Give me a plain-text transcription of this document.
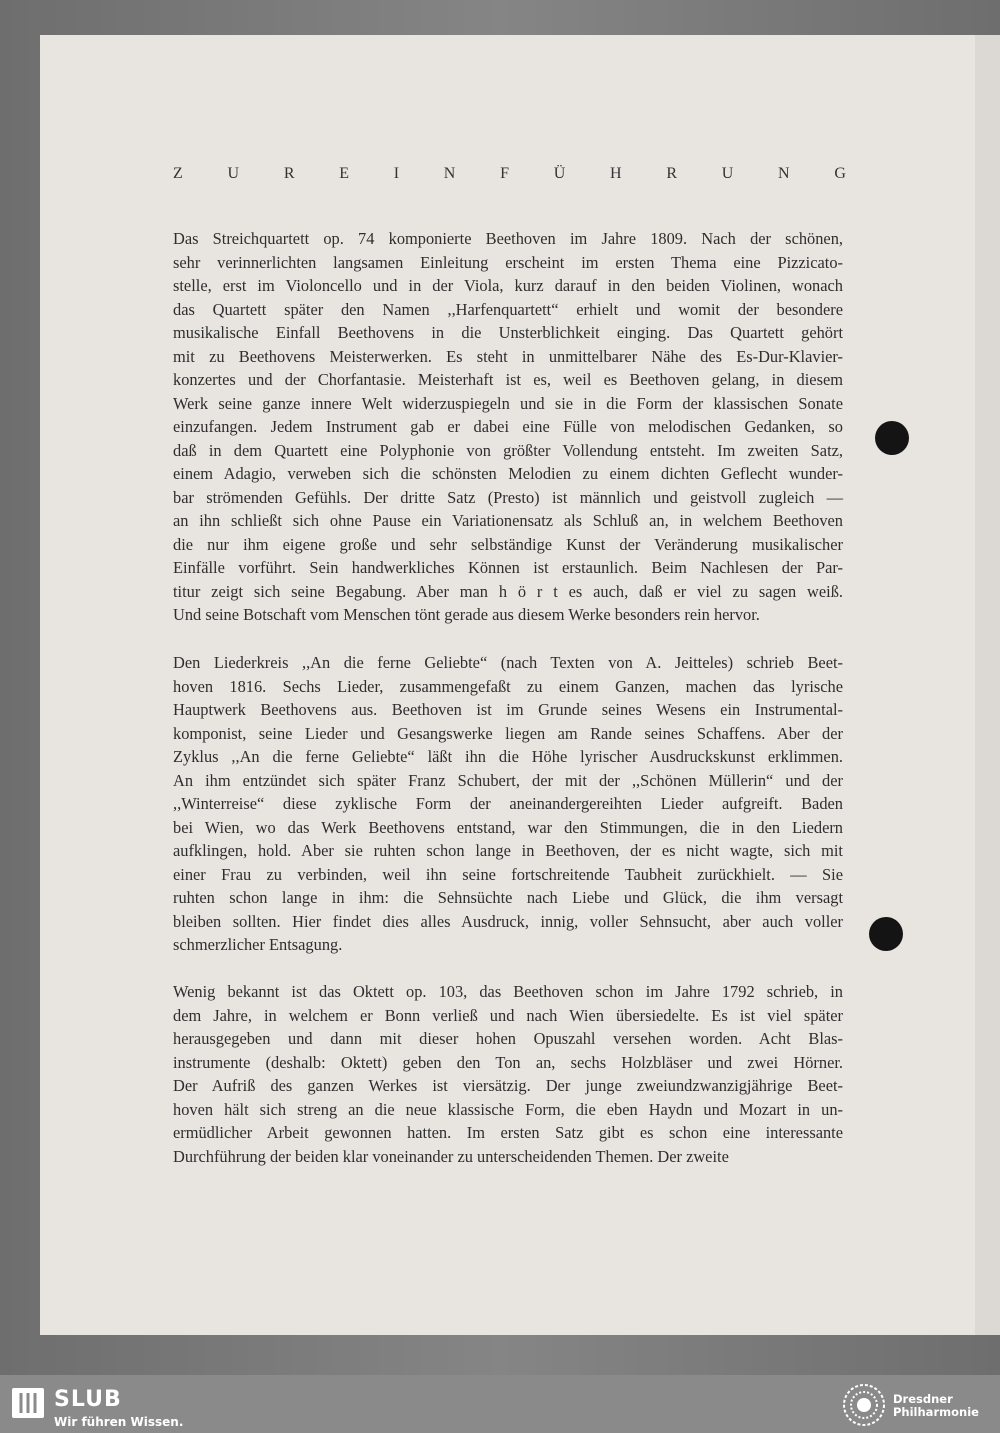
Z	U	R	E	I	N	F	Ü	H	R	U	N	G
Das Streichquartett op. 74 komponierte Beethoven im Jahre 1809. Nach der schönen,
sehr verinnerlichten langsamen Einleitung erscheint im ersten Thema eine Pizzicato-
stelle, erst im Violoncello und in der Viola, kurz darauf in den beiden Violinen, wonach
das Quartett später den Namen ,,Harfenquartett“ erhielt und womit der besondere
musikalische Einfall Beethovens in die Unsterblichkeit einging. Das Quartett gehört
mit zu Beethovens Meisterwerken. Es steht in unmittelbarer Nähe des Es-Dur-Klavier-
konzertes und der Chorfantasie. Meisterhaft ist es, weil es Beethoven gelang, in diesem
Werk seine ganze innere Welt widerzuspiegeln und sie in die Form der klassischen Sonate
einzufangen. Jedem Instrument gab er dabei eine Fülle von melodischen Gedanken, so
daß in dem Quartett eine Polyphonie von größter Vollendung entsteht. Im zweiten Satz,
einem Adagio, verweben sich die schönsten Melodien zu einem dichten Geflecht wunder-
bar strömenden Gefühls. Der dritte Satz (Presto) ist männlich und geistvoll zugleich —
an ihn schließt sich ohne Pause ein Variationensatz als Schluß an, in welchem Beethoven
die nur ihm eigene große und sehr selbständige Kunst der Veränderung musikalischer
Einfälle vorführt. Sein handwerkliches Können ist erstaunlich. Beim Nachlesen der Par-
titur zeigt sich seine Begabung. Aber man h ö r t es auch, daß er viel zu sagen weiß.
Und seine Botschaft vom Menschen tönt gerade aus diesem Werke besonders rein hervor.
Den Liederkreis ,,An die ferne Geliebte“ (nach Texten von A. Jeitteles) schrieb Beet-
hoven 1816. Sechs Lieder, zusammengefaßt zu einem Ganzen, machen das lyrische
Hauptwerk Beethovens aus. Beethoven ist im Grunde seines Wesens ein Instrumental-
komponist, seine Lieder und Gesangswerke liegen am Rande seines Schaffens. Aber der
Zyklus ,,An die ferne Geliebte“ läßt ihn die Höhe lyrischer Ausdruckskunst erklimmen.
An ihm entzündet sich später Franz Schubert, der mit der ,,Schönen Müllerin“ und der
,,Winterreise“ diese zyklische Form der aneinandergereihten Lieder aufgreift. Baden
bei Wien, wo das Werk Beethovens entstand, war den Stimmungen, die in den Liedern
aufklingen, hold. Aber sie ruhten schon lange in Beethoven, der es nicht wagte, sich mit
einer Frau zu verbinden, weil ihn seine fortschreitende Taubheit zurückhielt. — Sie
ruhten schon lange in ihm: die Sehnsüchte nach Liebe und Glück, die ihm versagt
bleiben sollten. Hier findet dies alles Ausdruck, innig, voller Sehnsucht, aber auch voller
schmerzlicher Entsagung.
Wenig bekannt ist das Oktett op. 103, das Beethoven schon im Jahre 1792 schrieb, in
dem Jahre, in welchem er Bonn verließ und nach Wien übersiedelte. Es ist viel später
herausgegeben und dann mit dieser hohen Opuszahl versehen worden. Acht Blas-
instrumente (deshalb: Oktett) geben den Ton an, sechs Holzbläser und zwei Hörner.
Der Aufriß des ganzen Werkes ist viersätzig. Der junge zweiundzwanzigjährige Beet-
hoven hält sich streng an die neue klassische Form, die eben Haydn und Mozart in un-
ermüdlicher Arbeit gewonnen hatten. Im ersten Satz gibt es schon eine interessante
Durchführung der beiden klar voneinander zu unterscheidenden Themen. Der zweite
SLUB
Wir führen Wissen.
Dresdner
Philharmonie
